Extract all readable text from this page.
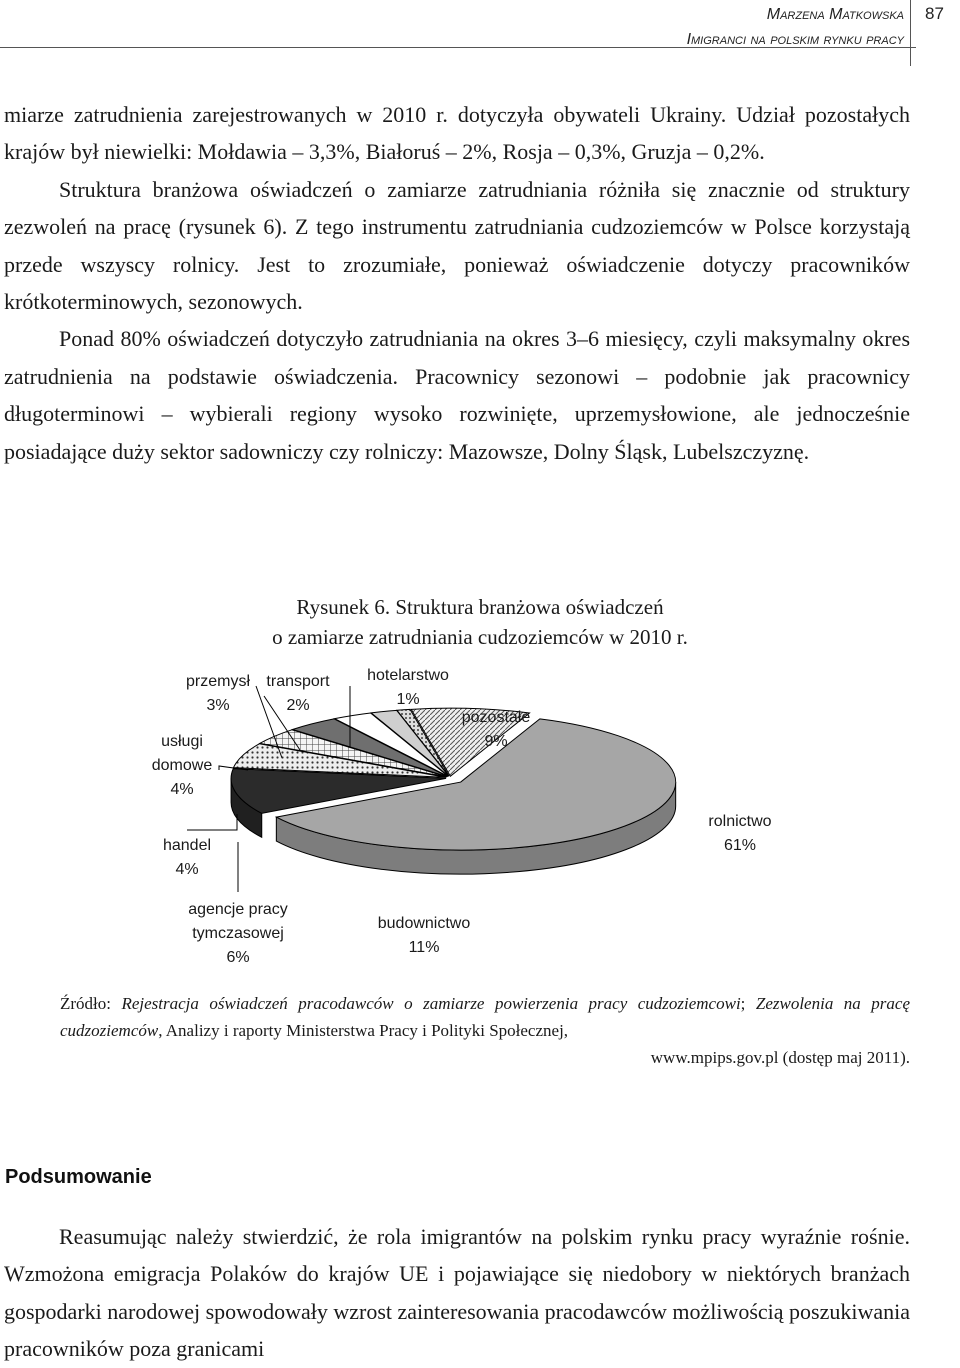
Marzena Matkowska
Imigranci na polskim rynku pracy
87

miarze zatrudnienia zarejestrowanych w 2010 r. dotyczyła obywateli Ukrainy. Udział pozostałych krajów był niewielki: Mołdawia – 3,3%, Białoruś – 2%, Rosja – 0,3%, Gruzja – 0,2%.

Struktura branżowa oświadczeń o zamiarze zatrudniania różniła się znacznie od struktury zezwoleń na pracę (rysunek 6). Z tego instrumentu zatrudniania cudzoziemców w Polsce korzystają przede wszyscy rolnicy. Jest to zrozumiałe, ponieważ oświadczenie dotyczy pracowników krótkoterminowych, sezonowych.

Ponad 80% oświadczeń dotyczyło zatrudniania na okres 3–6 miesięcy, czyli maksymalny okres zatrudnienia na podstawie oświadczenia. Pracownicy sezonowi – podobnie jak pracownicy długoterminowi – wybierali regiony wysoko rozwinięte, uprzemysłowione, ale jednocześnie posiadające duży sektor sadowniczy czy rolniczy: Mazowsze, Dolny Śląsk, Lubelszczyznę.

Rysunek 6. Struktura branżowa oświadczeń
o zamiarze zatrudniania cudzoziemców w 2010 r.
rolnictwo 61%
budownictwo 11%
agencje pracy tymczasowej 6%
handel 4%
usługi domowe 4%
przemysł 3%
transport 2%
hotelarstwo 1%
pozostałe 9%
Źródło: Rejestracja oświadczeń pracodawców o zamiarze powierzenia pracy cudzoziemcowi; Zezwolenia na pracę cudzoziemców, Analizy i raporty Ministerstwa Pracy i Polityki Społecznej,
www.mpips.gov.pl (dostęp maj 2011).
Podsumowanie

Reasumując należy stwierdzić, że rola imigrantów na polskim rynku pracy wyraźnie rośnie. Wzmożona emigracja Polaków do krajów UE i pojawiające się niedobory w niektórych branżach gospodarki narodowej spowodowały wzrost zainteresowania pracodawców możliwością poszukiwania pracowników poza granicami
